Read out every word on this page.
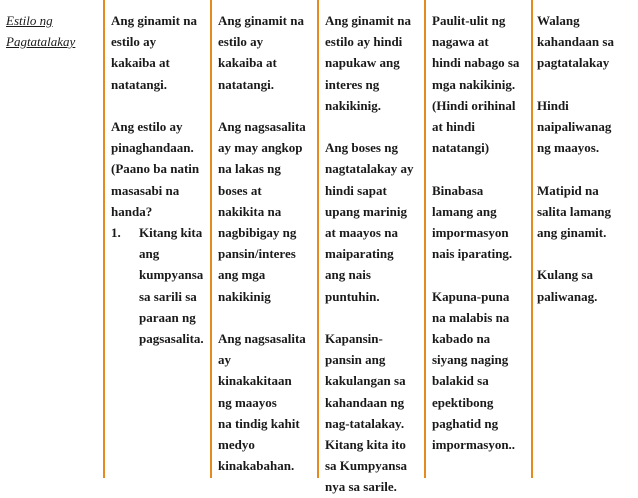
Estilo ng

Pagtatalakay

Ang ginamit na

estilo ay

kakaiba at

natatangi.

Ang estilo ay

pinaghandaan.

(Paano ba natin

masasabi na

handa?

1. Kitang kita

ang

kumpyansa

sa sarili sa

paraan ng

pagsasalita.

Ang ginamit na

estilo ay

kakaiba at

natatangi.

Ang nagsasalita

ay may angkop

na lakas ng

boses at

nakikita na

nagbibigay ng

pansin/interes

ang mga

nakikinig

Ang nagsasalita

ay

kinakakitaan

ng maayos

na tindig kahit

medyo

kinakabahan.

Ang ginamit na

estilo ay hindi

napukaw ang

interes ng

nakikinig.

Ang boses ng

nagtatalakay ay

hindi sapat

upang marinig

at maayos na

maiparating

ang nais

puntuhin.

Kapansin-

pansin ang

kakulangan sa

kahandaan ng

nag-tatalakay.

Kitang kita ito

sa Kumpyansa

nya sa sarile.

Paulit-ulit ng

nagawa at

hindi nabago sa

mga nakikinig.

(Hindi orihinal

at hindi

natatangi)

Binabasa

lamang ang

impormasyon

nais iparating.

Kapuna-puna

na malabis na

kabado na

siyang naging

balakid sa

epektibong

paghatid ng

impormasyon..

Walang

kahandaan sa

pagtatalakay

Hindi

naipaliwanag

ng maayos.

Matipid na

salita lamang

ang ginamit.

Kulang sa

paliwanag.
